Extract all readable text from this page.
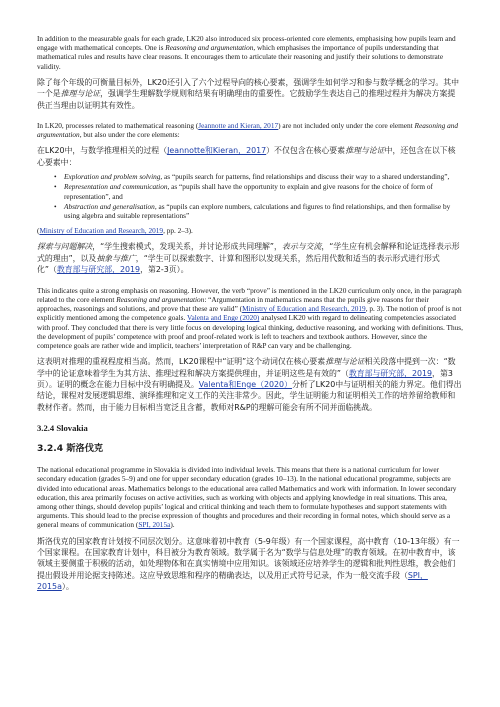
In addition to the measurable goals for each grade, LK20 also introduced six process-oriented core elements, emphasising how pupils learn and engage with mathematical concepts. One is Reasoning and argumentation, which emphasises the importance of pupils understanding that mathematical rules and results have clear reasons. It encourages them to articulate their reasoning and justify their solutions to demonstrate validity.

除了每个年级的可衡量目标外，LK20还引入了六个过程导向的核心要素，强调学生如何学习和参与数学概念的学习。其中一个是推理与论证，强调学生理解数学规则和结果有明确理由的重要性。它鼓励学生表达自己的推理过程并为解决方案提供正当理由以证明其有效性。

In LK20, processes related to mathematical reasoning (Jeannotte and Kieran, 2017) are not included only under the core element Reasoning and argumentation, but also under the core elements:

在LK20中，与数学推理相关的过程（Jeannotte和Kieran，2017）不仅包含在核心要素推理与论证中，还包含在以下核心要素中：

• Exploration and problem solving, as “pupils search for patterns, find relationships and discuss their way to a shared understanding”,
• Representation and communication, as “pupils shall have the opportunity to explain and give reasons for the choice of form of representation”, and
• Abstraction and generalisation, as “pupils can explore numbers, calculations and figures to find relationships, and then formalise by using algebra and suitable representations”

(Ministry of Education and Research, 2019, pp. 2–3).

探索与问题解决，“学生搜索模式，发现关系，并讨论形成共同理解”，表示与交流，“学生应有机会解释和论证选择表示形式的理由”，以及抽象与推广，“学生可以探索数字、计算和图形以发现关系，然后用代数和适当的表示形式进行形式化”（教育部与研究部，2019，第2-3页）。

This indicates quite a strong emphasis on reasoning. However, the verb “prove” is mentioned in the LK20 curriculum only once, in the paragraph related to the core element Reasoning and argumentation: “Argumentation in mathematics means that the pupils give reasons for their approaches, reasonings and solutions, and prove that these are valid” (Ministry of Education and Research, 2019, p. 3). The notion of proof is not explicitly mentioned among the competence goals. Valenta and Enge (2020) analysed LK20 with regard to delineating competencies associated with proof. They concluded that there is very little focus on developing logical thinking, deductive reasoning, and working with definitions. Thus, the development of pupils’ competence with proof and proof-related work is left to teachers and textbook authors. However, since the competence goals are rather wide and implicit, teachers’ interpretation of R&P can vary and be challenging.

这表明对推理的重视程度相当高。然而，LK20课程中“证明”这个动词仅在核心要素推理与论证相关段落中提到一次：“数学中的论证意味着学生为其方法、推理过程和解决方案提供理由，并证明这些是有效的”（教育部与研究部，2019，第3页）。证明的概念在能力目标中没有明确提及。Valenta和Enge（2020）分析了LK20中与证明相关的能力界定。他们得出结论，课程对发展逻辑思维、演绎推理和定义工作的关注非常少。因此，学生证明能力和证明相关工作的培养留给教师和教材作者。然而，由于能力目标相当宽泛且含蓄，教师对R&P的理解可能会有所不同并面临挑战。

3.2.4 Slovakia
3.2.4 斯洛伐克

The national educational programme in Slovakia is divided into individual levels. This means that there is a national curriculum for lower secondary education (grades 5–9) and one for upper secondary education (grades 10–13). In the national educational programme, subjects are divided into educational areas. Mathematics belongs to the educational area called Mathematics and work with information. In lower secondary education, this area primarily focuses on active activities, such as working with objects and applying knowledge in real situations. This area, among other things, should develop pupils’ logical and critical thinking and teach them to formulate hypotheses and support statements with arguments. This should lead to the precise expression of thoughts and procedures and their recording in formal notes, which should serve as a general means of communication (SPI, 2015a).

斯洛伐克的国家教育计划按不同层次划分。这意味着初中教育（5-9年级）有一个国家课程，高中教育（10-13年级）有一个国家课程。在国家教育计划中，科目被分为教育领域。数学属于名为“数学与信息处理”的教育领域。在初中教育中，该领域主要侧重于积极的活动，如处理物体和在真实情境中应用知识。该领域还应培养学生的逻辑和批判性思维，教会他们提出假设并用论据支持陈述。这应导致思维和程序的精确表达，以及用正式符号记录，作为一般交流手段（SPI，2015a）。
